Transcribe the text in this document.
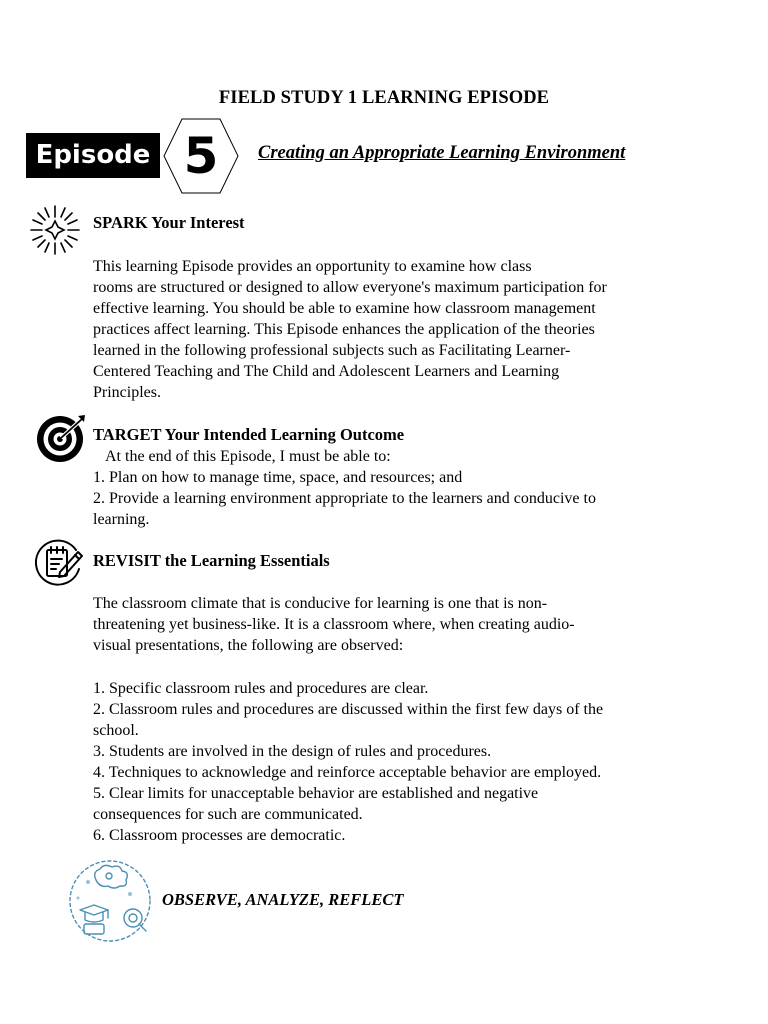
FIELD STUDY 1 LEARNING EPISODE
Episode 5	Creating an Appropriate Learning Environment
SPARK Your Interest
This learning Episode provides an opportunity to examine how class
rooms are structured or designed to allow everyone's maximum participation for
effective learning. You should be able to examine how classroom management
practices affect learning. This Episode enhances the application of the theories
learned in the following professional subjects such as Facilitating Learner-
Centered Teaching and The Child and Adolescent Learners and Learning
Principles.
TARGET Your Intended Learning Outcome
At the end of this Episode, I must be able to:
1. Plan on how to manage time, space, and resources; and
2. Provide a learning environment appropriate to the learners and conducive to
learning.
REVISIT the Learning Essentials
The classroom climate that is conducive for learning is one that is non-
threatening yet business-like. It is a classroom where, when creating audio-
visual presentations, the following are observed:
1. Specific classroom rules and procedures are clear.
2. Classroom rules and procedures are discussed within the first few days of the
school.
3. Students are involved in the design of rules and procedures.
4. Techniques to acknowledge and reinforce acceptable behavior are employed.
5. Clear limits for unacceptable behavior are established and negative
consequences for such are communicated.
6. Classroom processes are democratic.
OBSERVE, ANALYZE, REFLECT
